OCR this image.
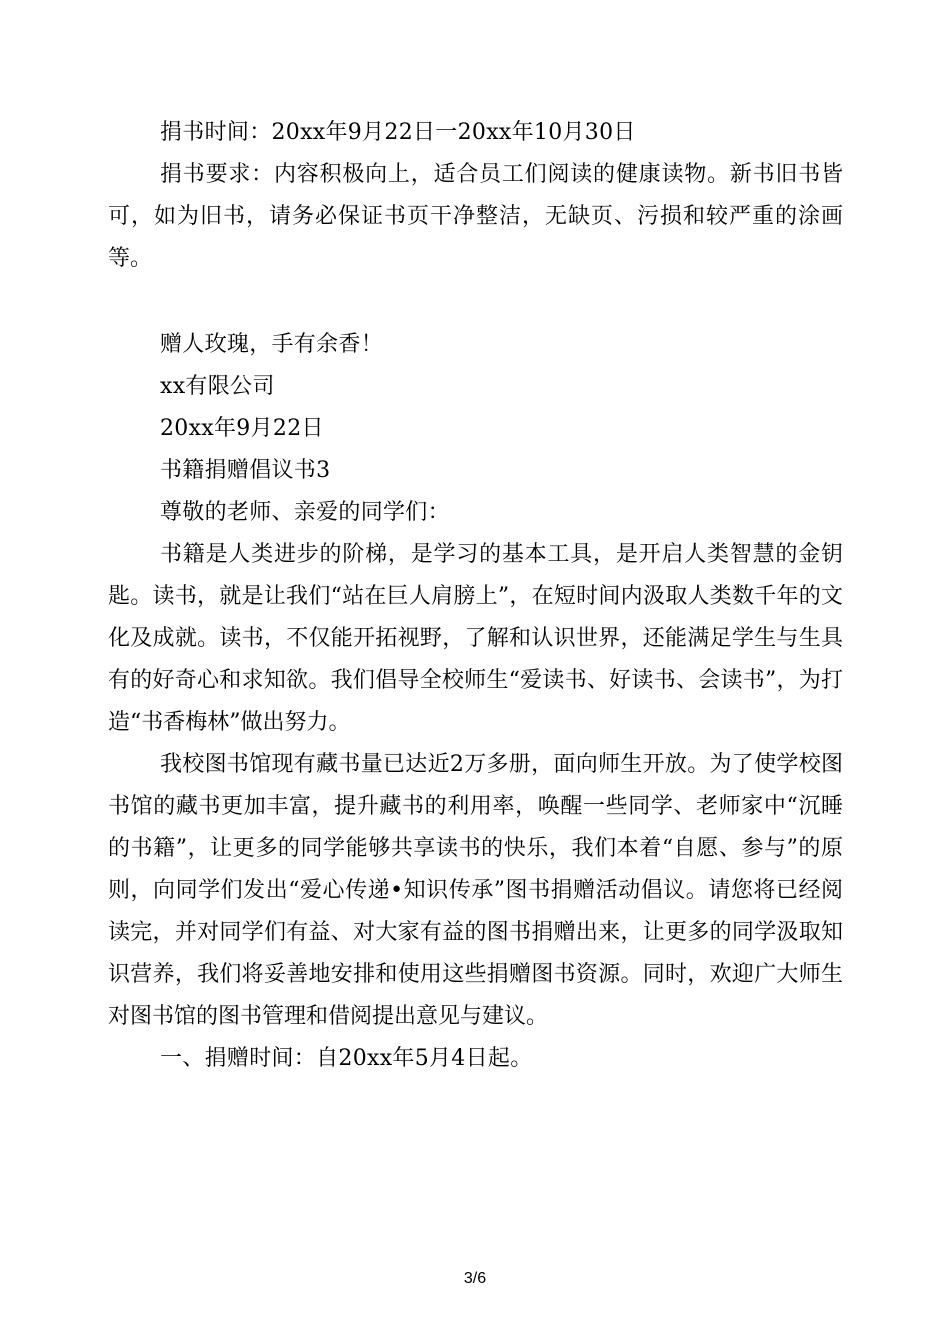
捐书时间：20xx年9月22日一20xx年10月30日

捐书要求：内容积极向上，适合员工们阅读的健康读物。新书旧书皆可，如为旧书，请务必保证书页干净整洁，无缺页、污损和较严重的涂画等。

赠人玫瑰，手有余香！
xx有限公司
20xx年9月22日
书籍捐赠倡议书3
尊敬的老师、亲爱的同学们：

书籍是人类进步的阶梯，是学习的基本工具，是开启人类智慧的金钥匙。读书，就是让我们“站在巨人肩膀上”，在短时间内汲取人类数千年的文化及成就。读书，不仅能开拓视野，了解和认识世界，还能满足学生与生具有的好奇心和求知欲。我们倡导全校师生“爱读书、好读书、会读书”，为打造“书香梅林”做出努力。

我校图书馆现有藏书量已达近2万多册，面向师生开放。为了使学校图书馆的藏书更加丰富，提升藏书的利用率，唤醒一些同学、老师家中“沉睡的书籍”，让更多的同学能够共享读书的快乐，我们本着“自愿、参与”的原则，向同学们发出“爱心传递•知识传承”图书捐赠活动倡议。请您将已经阅读完，并对同学们有益、对大家有益的图书捐赠出来，让更多的同学汲取知识营养，我们将妥善地安排和使用这些捐赠图书资源。同时，欢迎广大师生对图书馆的图书管理和借阅提出意见与建议。

一、捐赠时间：自20xx年5月4日起。
3/6
